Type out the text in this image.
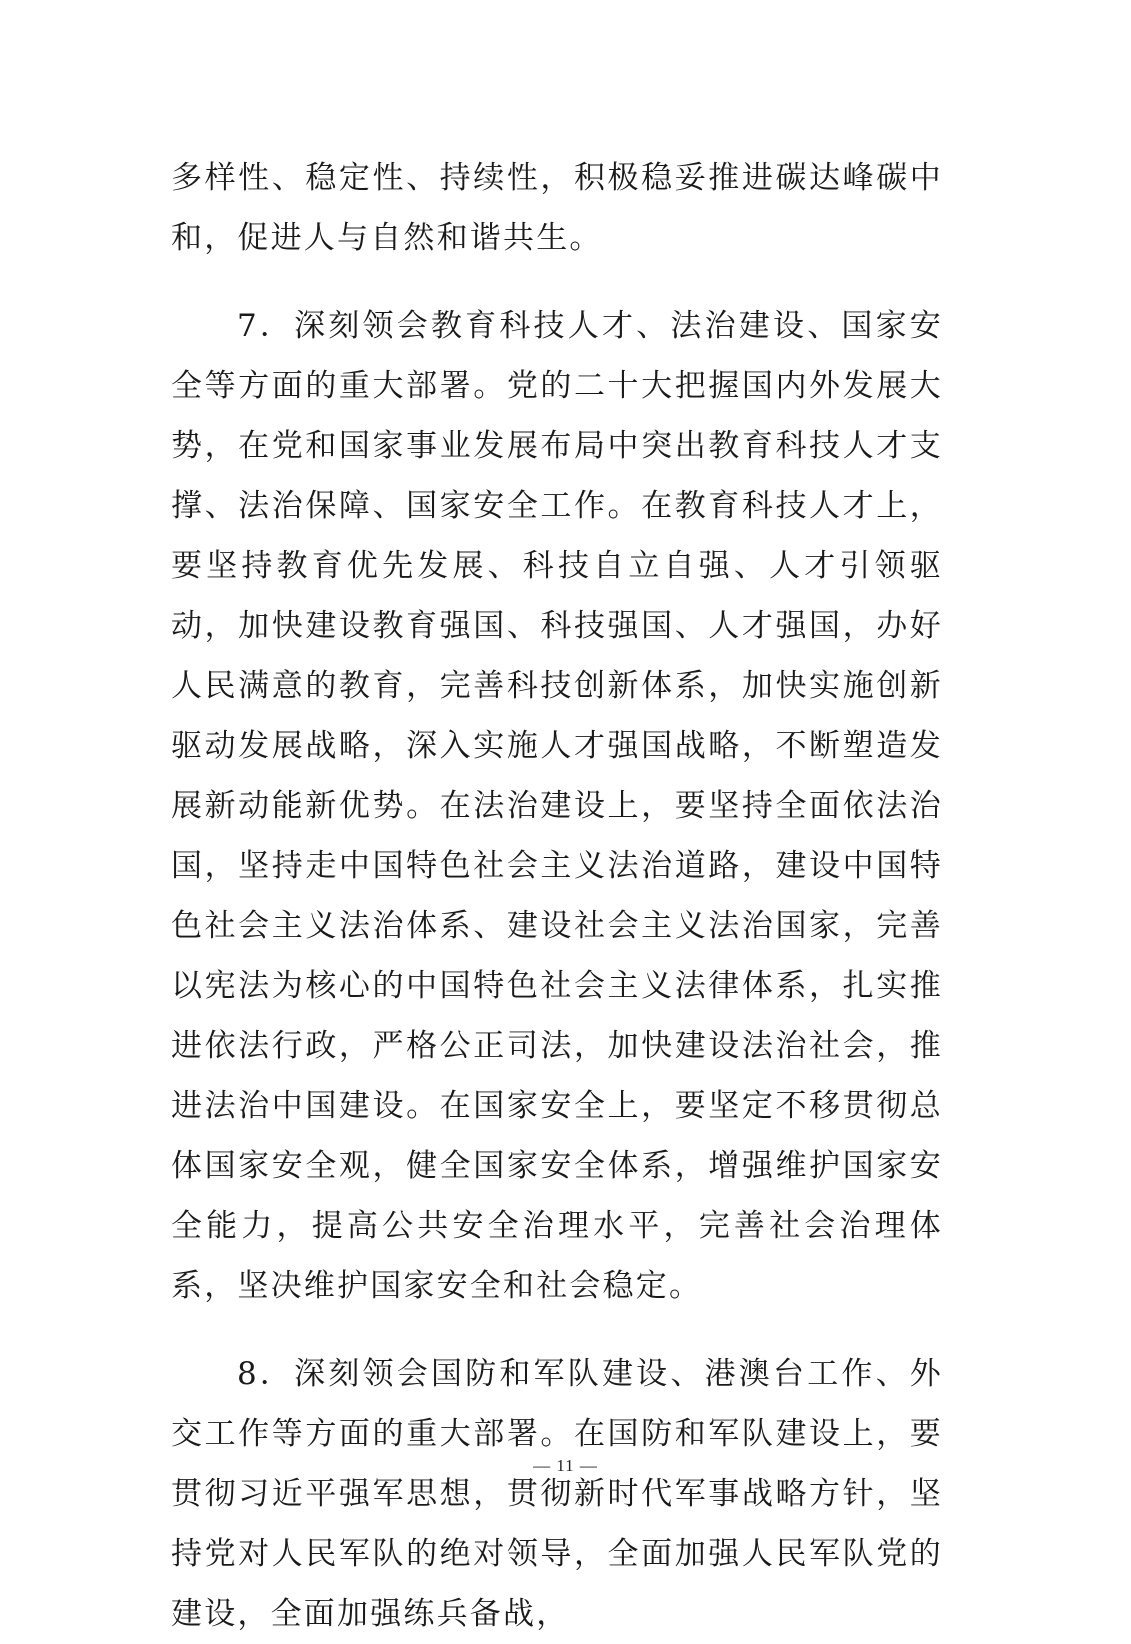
多样性、稳定性、持续性，积极稳妥推进碳达峰碳中和，促进人与自然和谐共生。

7．深刻领会教育科技人才、法治建设、国家安全等方面的重大部署。党的二十大把握国内外发展大势，在党和国家事业发展布局中突出教育科技人才支撑、法治保障、国家安全工作。在教育科技人才上，要坚持教育优先发展、科技自立自强、人才引领驱动，加快建设教育强国、科技强国、人才强国，办好人民满意的教育，完善科技创新体系，加快实施创新驱动发展战略，深入实施人才强国战略，不断塑造发展新动能新优势。在法治建设上，要坚持全面依法治国，坚持走中国特色社会主义法治道路，建设中国特色社会主义法治体系、建设社会主义法治国家，完善以宪法为核心的中国特色社会主义法律体系，扎实推进依法行政，严格公正司法，加快建设法治社会，推进法治中国建设。在国家安全上，要坚定不移贯彻总体国家安全观，健全国家安全体系，增强维护国家安全能力，提高公共安全治理水平，完善社会治理体系，坚决维护国家安全和社会稳定。

8．深刻领会国防和军队建设、港澳台工作、外交工作等方面的重大部署。在国防和军队建设上，要贯彻习近平强军思想，贯彻新时代军事战略方针，坚持党对人民军队的绝对领导，全面加强人民军队党的建设，全面加强练兵备战，

— 11 —
